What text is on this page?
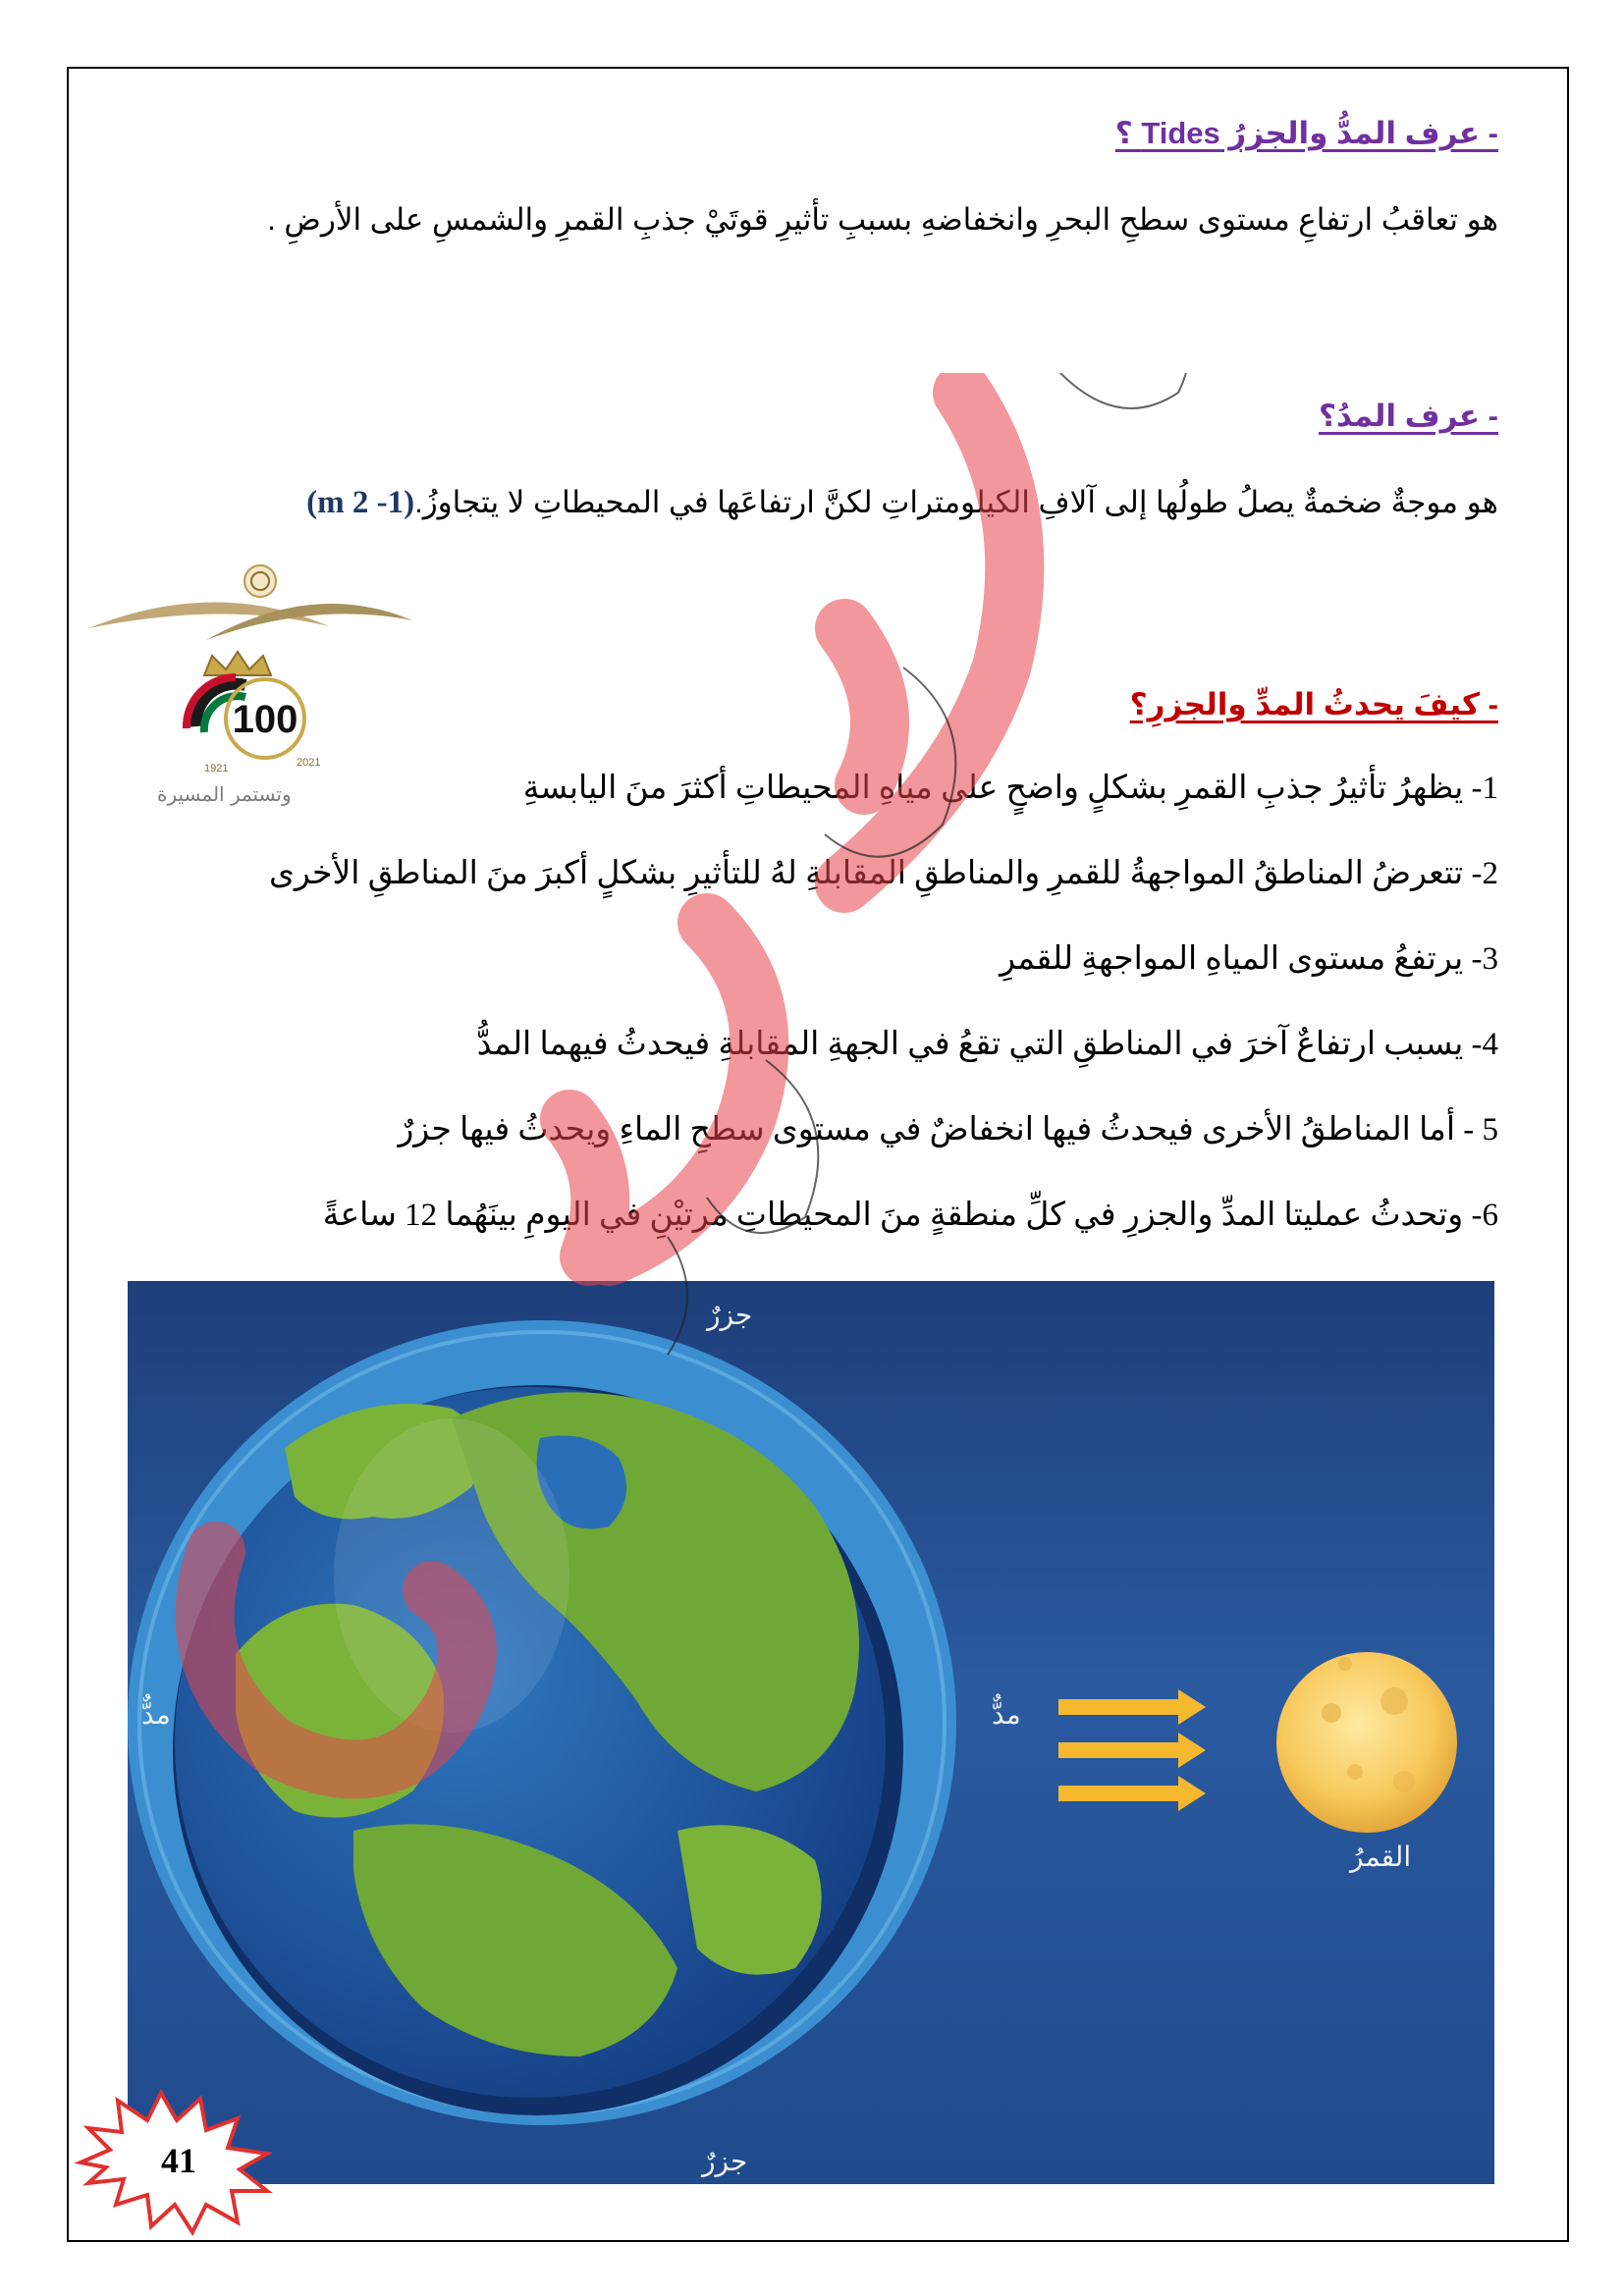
- عرف المدُّ والجزرُ Tides ؟
هو تعاقبُ ارتفاعِ مستوى سطحِ البحرِ وانخفاضهِ بسببِ تأثيرِ قوتَيْ جذبِ القمرِ والشمسِ على الأرضِ .
- عرف المدُ؟
هو موجةٌ ضخمةٌ يصلُ طولُها إلى آلافِ الكيلومتراتِ لكنَّ ارتفاعَها في المحيطاتِ لا يتجاوزُ.(1- 2 m)
100
1921	2021
وتستمر المسيرة
- كيفَ يحدثُ المدِّ والجزرِ؟
1- يظهرُ تأثيرُ جذبِ القمرِ بشكلٍ واضحٍ على مياهِ المحيطاتِ أكثرَ منَ اليابسةِ
2- تتعرضُ المناطقُ المواجهةُ للقمرِ والمناطقِ المقابلةِ لهُ للتأثيرِ بشكلٍ أكبرَ منَ المناطقِ الأخرى
3- يرتفعُ مستوى المياهِ المواجهةِ للقمرِ
4- يسبب ارتفاعٌ آخرَ في المناطقِ التي تقعُ في الجهةِ المقابلةِ فيحدثُ فيهما المدُّ
5 - أما المناطقُ الأخرى فيحدثُ فيها انخفاضٌ في مستوى سطحِ الماءِ ويحدثُ فيها جزرٌ
6- وتحدثُ عمليتا المدِّ والجزرِ في كلِّ منطقةٍ منَ المحيطاتِ مرتيْنِ في اليومِ بينَهُما 12 ساعةً
جزرٌ
جزرٌ
مدٌّ	مدٌّ
القمرُ
41
